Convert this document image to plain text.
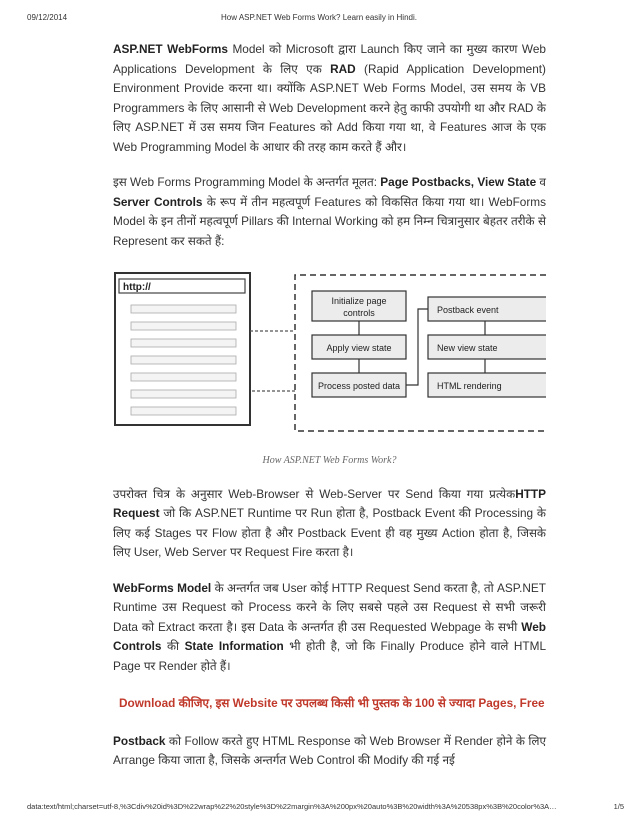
09/12/2014	How ASP.NET Web Forms Work? Learn easily in Hindi.

ASP.NET WebForms Model को Microsoft द्वारा Launch किए जाने का मुख्य कारण Web Applications Development के लिए एक RAD (Rapid Application Development) Environment Provide करना था। क्योंकि ASP.NET Web Forms Model, उस समय के VB Programmers के लिए आसानी से Web Development करने हेतु काफी उपयोगी था और RAD के लिए ASP.NET में उस समय जिन Features को Add किया गया था, वे Features आज के एक Web Programming Model के आधार की तरह काम करते हैं और।

इस Web Forms Programming Model के अन्तर्गत मूलत: Page Postbacks, View State व Server Controls के रूप में तीन महत्वपूर्ण Features को विकसित किया गया था। WebForms Model के इन तीनों महत्वपूर्ण Pillars की Internal Working को हम निम्न चित्रानुसार बेहतर तरीके से Represent कर सकते हैं:

http://
Initialize page
controls
Apply view state
Process posted data
Postback event
New view state
HTML rendering
How ASP.NET Web Forms Work?

उपरोक्त चित्र के अनुसार Web-Browser से Web-Server पर Send किया गया प्रत्येकHTTP Request जो कि ASP.NET Runtime पर Run होता है, Postback Event की Processing के लिए कई Stages पर Flow होता है और Postback Event ही वह मुख्य Action होता है, जिसके लिए User, Web Server पर Request Fire करता है।

WebForms Model के अन्तर्गत जब User कोई HTTP Request Send करता है, तो ASP.NET Runtime उस Request को Process करने के लिए सबसे पहले उस Request से सभी जरूरी Data को Extract करता है। इस Data के अन्तर्गत ही उस Requested Webpage के सभी Web Controls की State Information भी होती है, जो कि Finally Produce होने वाले HTML Page पर Render होते हैं।

Download कीजिए, इस Website पर उपलब्ध किसी भी पुस्तक के 100 से ज्यादा Pages, Free

Postback को Follow करते हुए HTML Response को Web Browser में Render होने के लिए Arrange किया जाता है, जिसके अन्तर्गत Web Control की Modify की गई नई

data:text/html;charset=utf-8,%3Cdiv%20id%3D%22wrap%22%20style%3D%22margin%3A%200px%20auto%3B%20width%3A%20538px%3B%20color%3A…	1/5
